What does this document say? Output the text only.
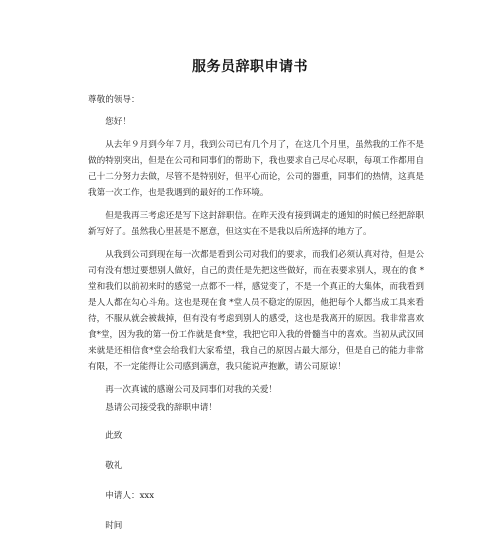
服务员辞职申请书

尊敬的领导：

您好！

从去年９月到今年７月，我到公司已有几个月了，在这几个月里，虽然我的工作不是做的特别突出，但是在公司和同事们的帮助下，我也要求自己尽心尽职，每项工作都用自己十二分努力去做，尽管不是特别好，但平心而论，公司的器重，同事们的热情，这真是我第一次工作，也是我遇到的最好的工作环境。

但是我再三考虑还是写下这封辞职信。在昨天没有接到调走的通知的时候已经把辞职新写好了。虽然我心里甚是不愿意，但这实在不是我以后所选择的地方了。

从我到公司到现在每一次都是看到公司对我们的要求，而我们必须认真对待，但是公司有没有想过要想别人做好，自己的责任是先把这些做好，而在表要求别人，现在的食 *堂和我们以前初来时的感觉一点都不一样，感觉变了，不是一个真正的大集体，而我看到是人人都在勾心斗角。这也是现在食 *堂人员不稳定的原因，他把每个人都当成工具来看待，不服从就会被裁掉，但有没有考虑到别人的感受，这也是我离开的原因。我非常喜欢食*堂，因为我的第一份工作就是食*堂，我把它印入我的骨髓当中的喜欢。当初从武汉回来就是还相信食*堂会给我们大家希望，我自己的原因占最大部分，但是自己的能力非常有限，不一定能得让公司感到满意，我只能说声抱歉，请公司原谅！

再一次真诚的感谢公司及同事们对我的关爱！

恳请公司接受我的辞职申请！

此致

敬礼

申请人：xxx

时间
